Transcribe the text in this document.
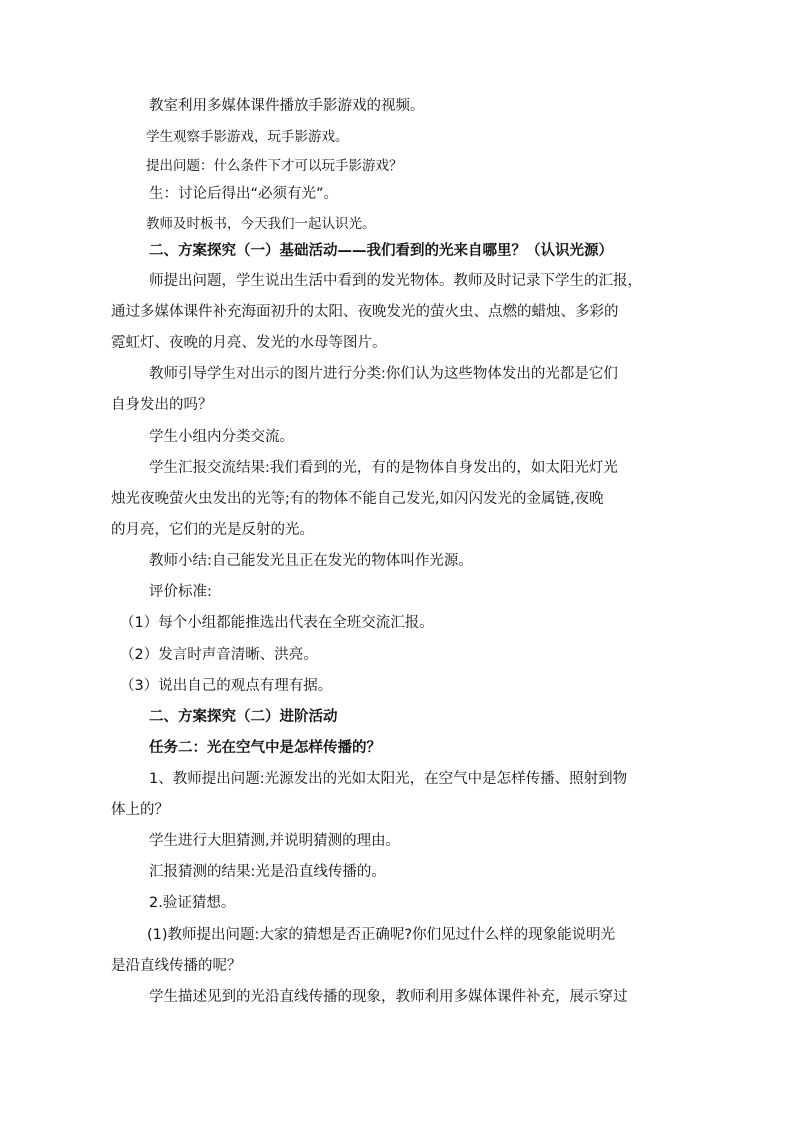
教室利用多媒体课件播放手影游戏的视频。
学生观察手影游戏，玩手影游戏。
提出问题：什么条件下才可以玩手影游戏？
生：讨论后得出“必须有光”。
教师及时板书，今天我们一起认识光。
二、方案探究（一）基础活动——我们看到的光来自哪里？（认识光源）
师提出问题，学生说出生活中看到的发光物体。教师及时记录下学生的汇报，
通过多媒体课件补充海面初升的太阳、夜晚发光的萤火虫、点燃的蜡烛、多彩的
霓虹灯、夜晚的月亮、发光的水母等图片。
教师引导学生对出示的图片进行分类:你们认为这些物体发出的光都是它们
自身发出的吗？
学生小组内分类交流。
学生汇报交流结果:我们看到的光，有的是物体自身发出的，如太阳光灯光
烛光夜晚萤火虫发出的光等;有的物体不能自己发光,如闪闪发光的金属链,夜晚
的月亮，它们的光是反射的光。
教师小结:自己能发光且正在发光的物体叫作光源。
评价标准:
（1）每个小组都能推选出代表在全班交流汇报。
（2）发言时声音清晰、洪亮。
（3）说出自己的观点有理有据。
二、方案探究（二）进阶活动
任务二：光在空气中是怎样传播的？
1、教师提出问题:光源发出的光如太阳光，在空气中是怎样传播、照射到物
体上的？
学生进行大胆猜测,并说明猜测的理由。
汇报猜测的结果:光是沿直线传播的。
2.验证猜想。
(1)教师提出问题:大家的猜想是否正确呢?你们见过什么样的现象能说明光
是沿直线传播的呢？
学生描述见到的光沿直线传播的现象，教师利用多媒体课件补充，展示穿过
